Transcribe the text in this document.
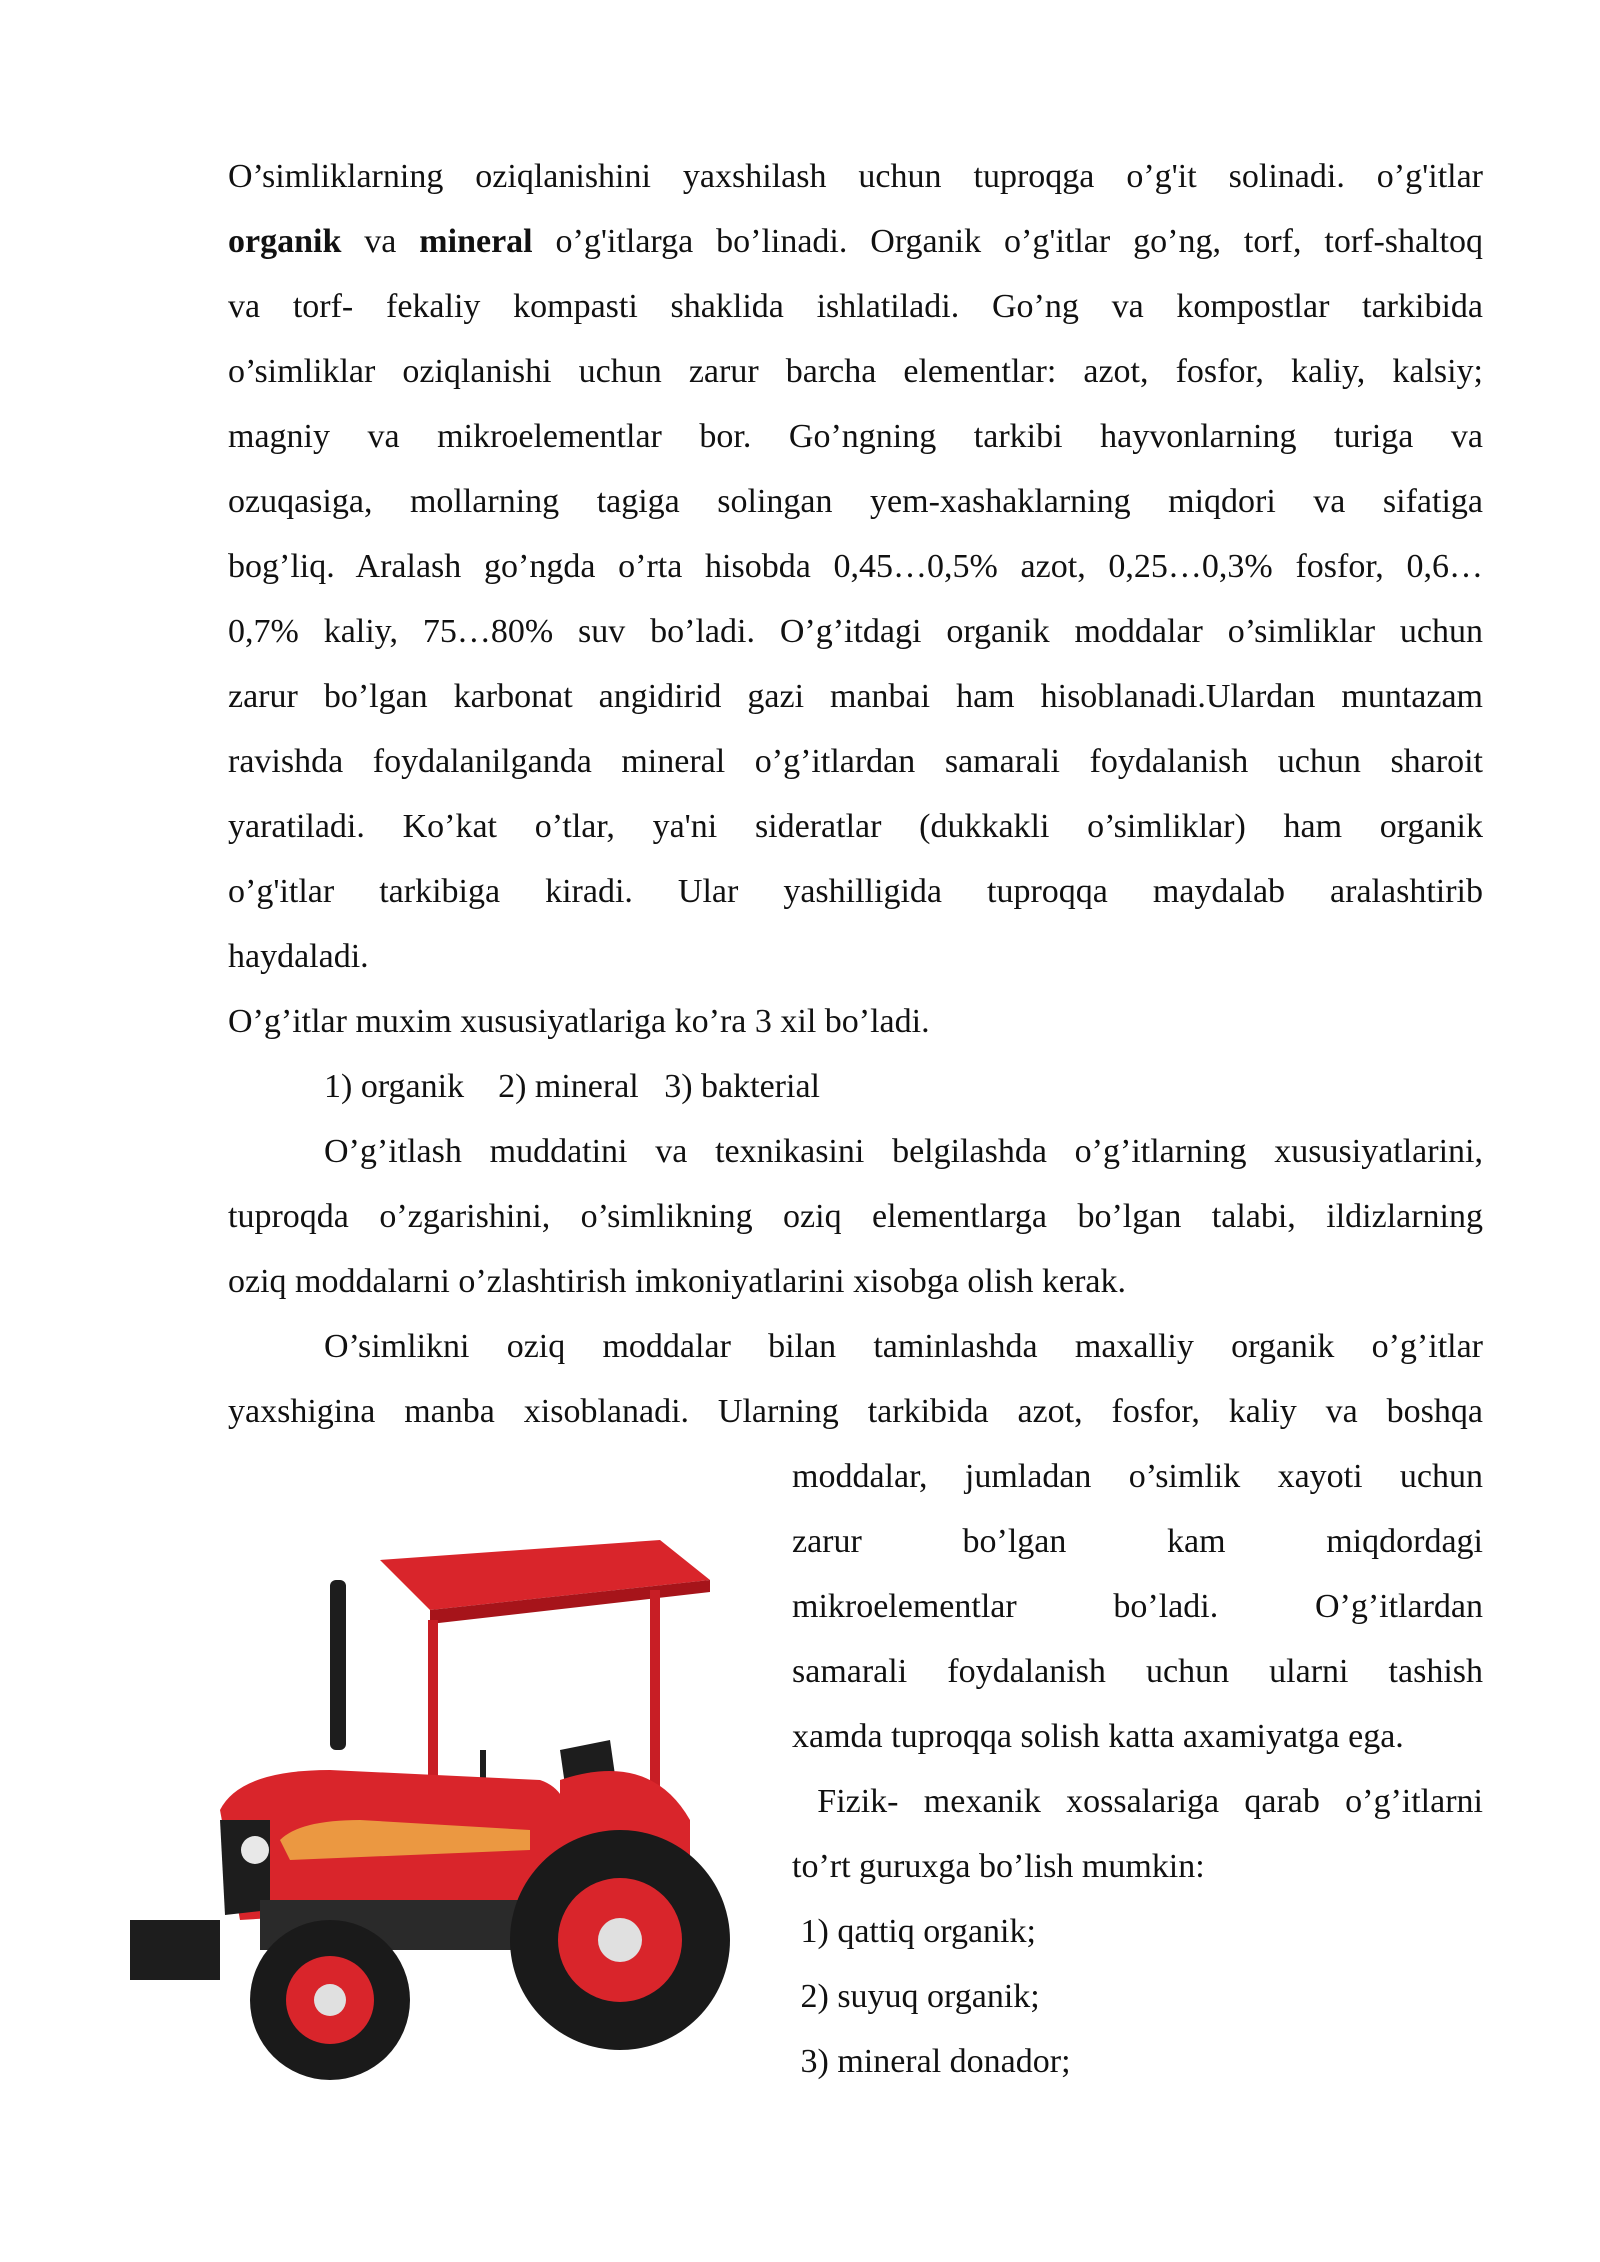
O’simliklarning oziqlanishini yaxshilash uchun tuproqga o’g'it solinadi. o’g'itlar
organik va mineral o’g'itlarga bo’linadi. Organik o’g'itlar go’ng, torf, torf-shaltoq
va torf- fekaliy kompasti shaklida ishlatiladi. Go’ng va kompostlar tarkibida
o’simliklar oziqlanishi uchun zarur barcha elementlar: azot, fosfor, kaliy, kalsiy;
magniy va mikroelementlar bor. Go’ngning tarkibi hayvonlarning turiga va
ozuqasiga, mollarning tagiga solingan yem-xashaklarning miqdori va sifatiga
bog’liq. Aralash go’ngda o’rta hisobda 0,45…0,5% azot, 0,25…0,3% fosfor, 0,6…
0,7% kaliy, 75…80% suv bo’ladi. O’g’itdagi organik moddalar o’simliklar uchun
zarur bo’lgan karbonat angidirid gazi manbai ham hisoblanadi.Ulardan muntazam
ravishda foydalanilganda mineral o’g’itlardan samarali foydalanish uchun sharoit
yaratiladi. Ko’kat o’tlar, ya'ni sideratlar (dukkakli o’simliklar) ham organik
o’g'itlar tarkibiga kiradi. Ular yashilligida tuproqqa maydalab aralashtirib
haydaladi.
O’g’itlar muxim xususiyatlariga ko’ra 3 xil bo’ladi.
1) organik    2) mineral   3) bakterial
O’g’itlash muddatini va texnikasini belgilashda o’g’itlarning xususiyatlarini,
tuproqda o’zgarishini, o’simlikning oziq elementlarga bo’lgan talabi, ildizlarning
oziq moddalarni o’zlashtirish imkoniyatlarini xisobga olish kerak.
O’simlikni oziq moddalar bilan taminlashda maxalliy organik o’g’itlar
yaxshigina manba xisoblanadi. Ularning tarkibida azot, fosfor, kaliy va boshqa
moddalar, jumladan o’simlik xayoti uchun
zarur bo’lgan kam miqdordagi
mikroelementlar bo’ladi. O’g’itlardan
samarali foydalanish uchun ularni tashish
xamda tuproqqa solish katta axamiyatga ega.
Fizik- mexanik xossalariga qarab o’g’itlarni
to’rt guruxga bo’lish mumkin:
1) qattiq organik;
2) suyuq organik;
3) mineral donador;
